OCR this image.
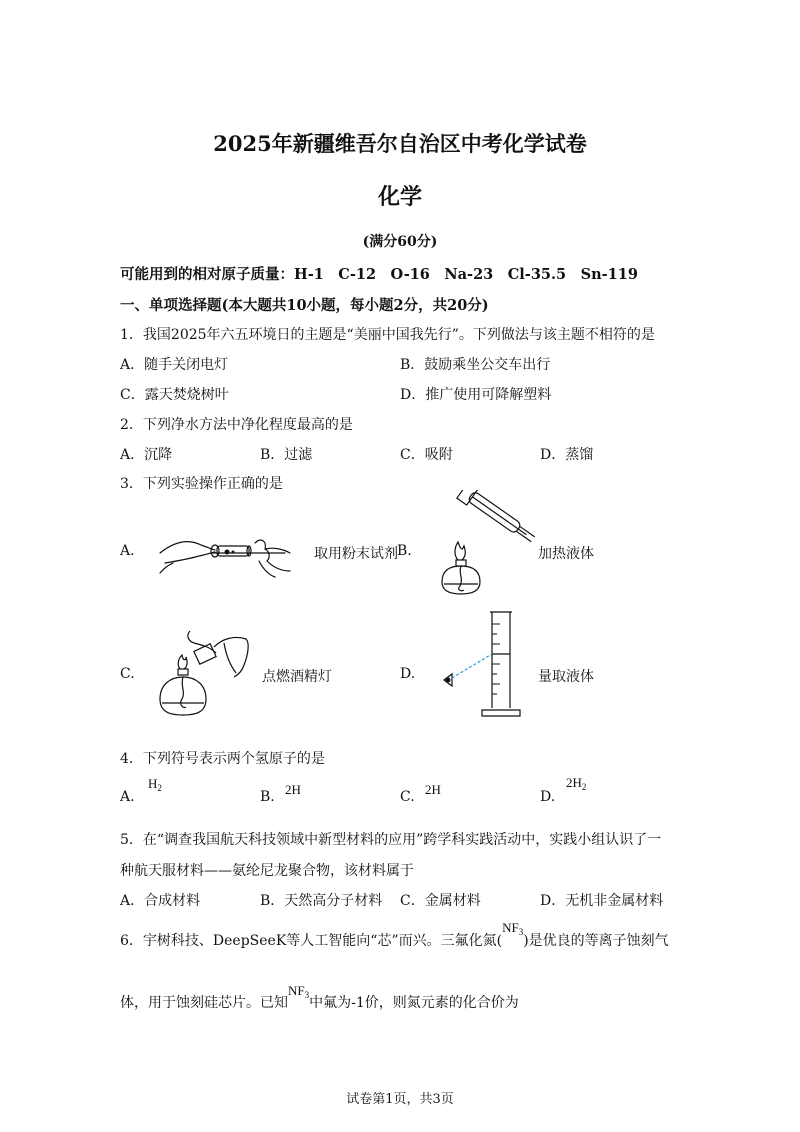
2025年新疆维吾尔自治区中考化学试卷
化学
(满分60分)
可能用到的相对原子质量：H-1　C-12　O-16　Na-23　Cl-35.5　Sn-119
一、单项选择题(本大题共10小题，每小题2分，共20分)
1．我国2025年六五环境日的主题是“美丽中国我先行”。下列做法与该主题不相符的是
A．随手关闭电灯	B．鼓励乘坐公交车出行
C．露天焚烧树叶	D．推广使用可降解塑料
2．下列净水方法中净化程度最高的是
A．沉降	B．过滤	C．吸附	D．蒸馏
3．下列实验操作正确的是
A.	取用粉末试剂 B.	加热液体
C.	点燃酒精灯	D.	量取液体
4．下列符号表示两个氢原子的是
A.
$H_2$
B. 2H	C. 2H	D.
$2H_2$
5．在“调查我国航天科技领域中新型材料的应用”跨学科实践活动中，实践小组认识了一
种航天服材料——氨纶尼龙聚合物，该材料属于
A．合成材料	B．天然高分子材料 C．金属材料	D．无机非金属材料
6．宇树科技、DeepSeeK等人工智能向“芯”而兴。三氟化氮$(NF_3)$是优良的等离子蚀刻气
体，用于蚀刻硅芯片。已知$NF_3$中氟为-1价，则氮元素的化合价为
试卷第1页，共3页
